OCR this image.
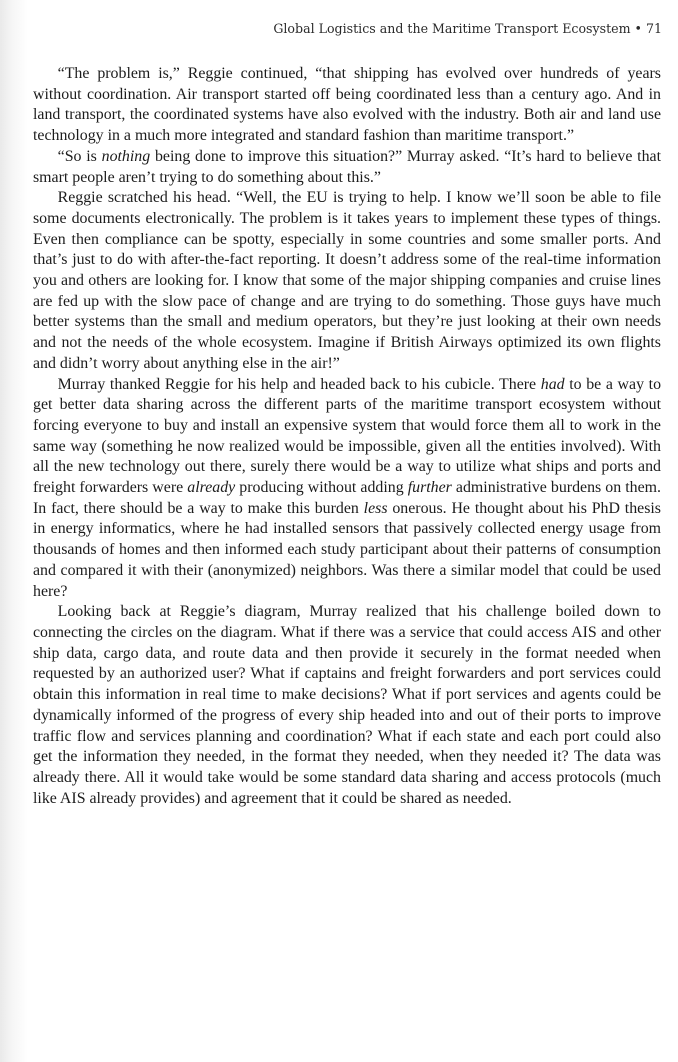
Global Logistics and the Maritime Transport Ecosystem • 71

“The problem is,” Reggie continued, “that shipping has evolved over hundreds of years without coordination. Air transport started off being coordinated less than a century ago. And in land transport, the coordinated systems have also evolved with the industry. Both air and land use technology in a much more integrated and standard fashion than maritime transport.”

“So is nothing being done to improve this situation?” Murray asked. “It’s hard to believe that smart people aren’t trying to do something about this.”

Reggie scratched his head. “Well, the EU is trying to help. I know we’ll soon be able to file some documents electronically. The problem is it takes years to implement these types of things. Even then compliance can be spotty, especially in some countries and some smaller ports. And that’s just to do with after-the-fact reporting. It doesn’t address some of the real-time information you and others are looking for. I know that some of the major shipping companies and cruise lines are fed up with the slow pace of change and are trying to do something. Those guys have much better systems than the small and medium operators, but they’re just looking at their own needs and not the needs of the whole ecosystem. Imagine if British Airways optimized its own flights and didn’t worry about anything else in the air!”

Murray thanked Reggie for his help and headed back to his cubicle. There had to be a way to get better data sharing across the different parts of the maritime transport ecosystem without forcing everyone to buy and install an expensive system that would force them all to work in the same way (something he now realized would be impossible, given all the entities involved). With all the new technology out there, surely there would be a way to utilize what ships and ports and freight forwarders were already producing without adding further administrative burdens on them. In fact, there should be a way to make this burden less onerous. He thought about his PhD thesis in energy informatics, where he had installed sensors that passively collected energy usage from thousands of homes and then informed each study participant about their patterns of consumption and compared it with their (anonymized) neighbors. Was there a similar model that could be used here?

Looking back at Reggie’s diagram, Murray realized that his challenge boiled down to connecting the circles on the diagram. What if there was a service that could access AIS and other ship data, cargo data, and route data and then provide it securely in the format needed when requested by an authorized user? What if captains and freight forwarders and port services could obtain this information in real time to make decisions? What if port services and agents could be dynamically informed of the progress of every ship headed into and out of their ports to improve traffic flow and services planning and coordination? What if each state and each port could also get the information they needed, in the format they needed, when they needed it? The data was already there. All it would take would be some standard data sharing and access protocols (much like AIS already provides) and agreement that it could be shared as needed.
